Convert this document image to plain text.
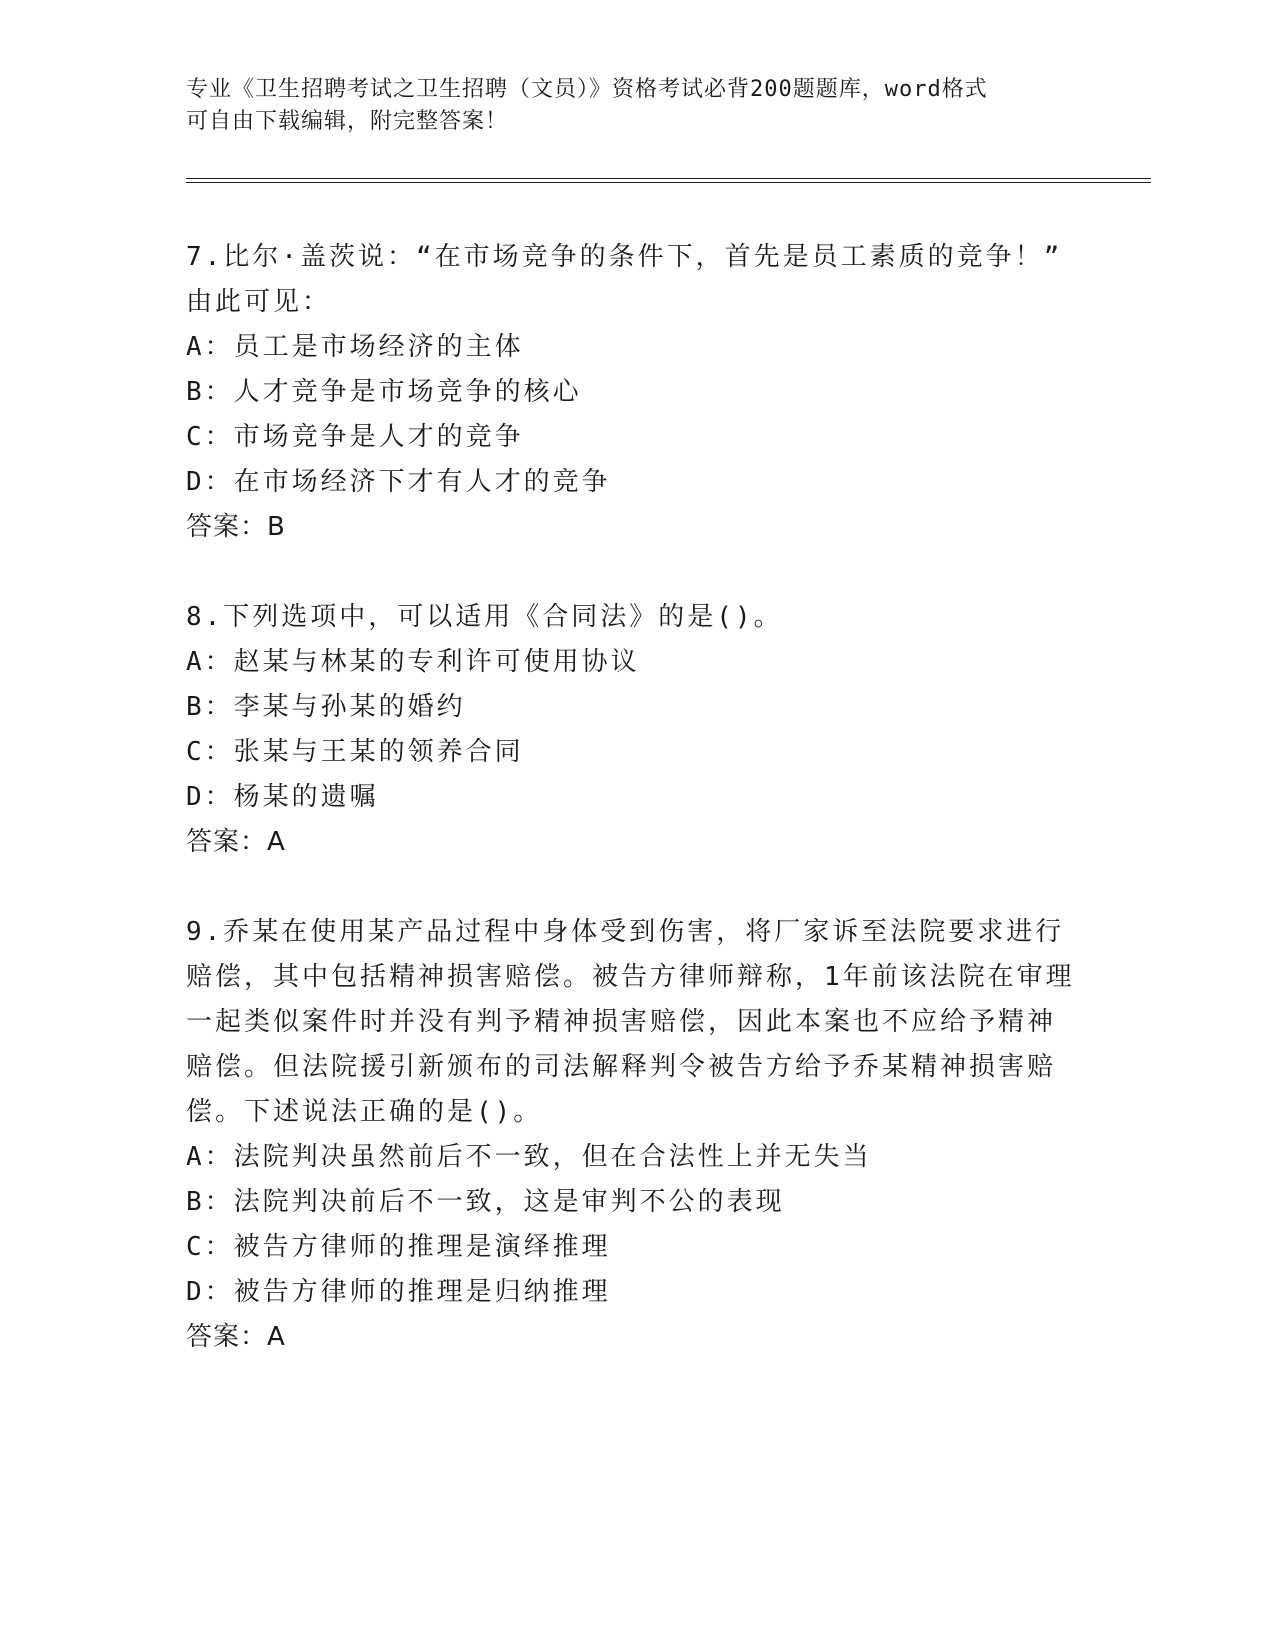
专业《卫生招聘考试之卫生招聘（文员）》资格考试必背200题题库，word格式
可自由下载编辑，附完整答案！
7.比尔·盖茨说：“在市场竞争的条件下，首先是员工素质的竞争！”
由此可见：
A：员工是市场经济的主体
B：人才竞争是市场竞争的核心
C：市场竞争是人才的竞争
D：在市场经济下才有人才的竞争
答案：B
8.下列选项中，可以适用《合同法》的是()。
A：赵某与林某的专利许可使用协议
B：李某与孙某的婚约
C：张某与王某的领养合同
D：杨某的遗嘱
答案：A
9.乔某在使用某产品过程中身体受到伤害，将厂家诉至法院要求进行
赔偿，其中包括精神损害赔偿。被告方律师辩称，1年前该法院在审理
一起类似案件时并没有判予精神损害赔偿，因此本案也不应给予精神
赔偿。但法院援引新颁布的司法解释判令被告方给予乔某精神损害赔
偿。下述说法正确的是()。
A：法院判决虽然前后不一致，但在合法性上并无失当
B：法院判决前后不一致，这是审判不公的表现
C：被告方律师的推理是演绎推理
D：被告方律师的推理是归纳推理
答案：A
